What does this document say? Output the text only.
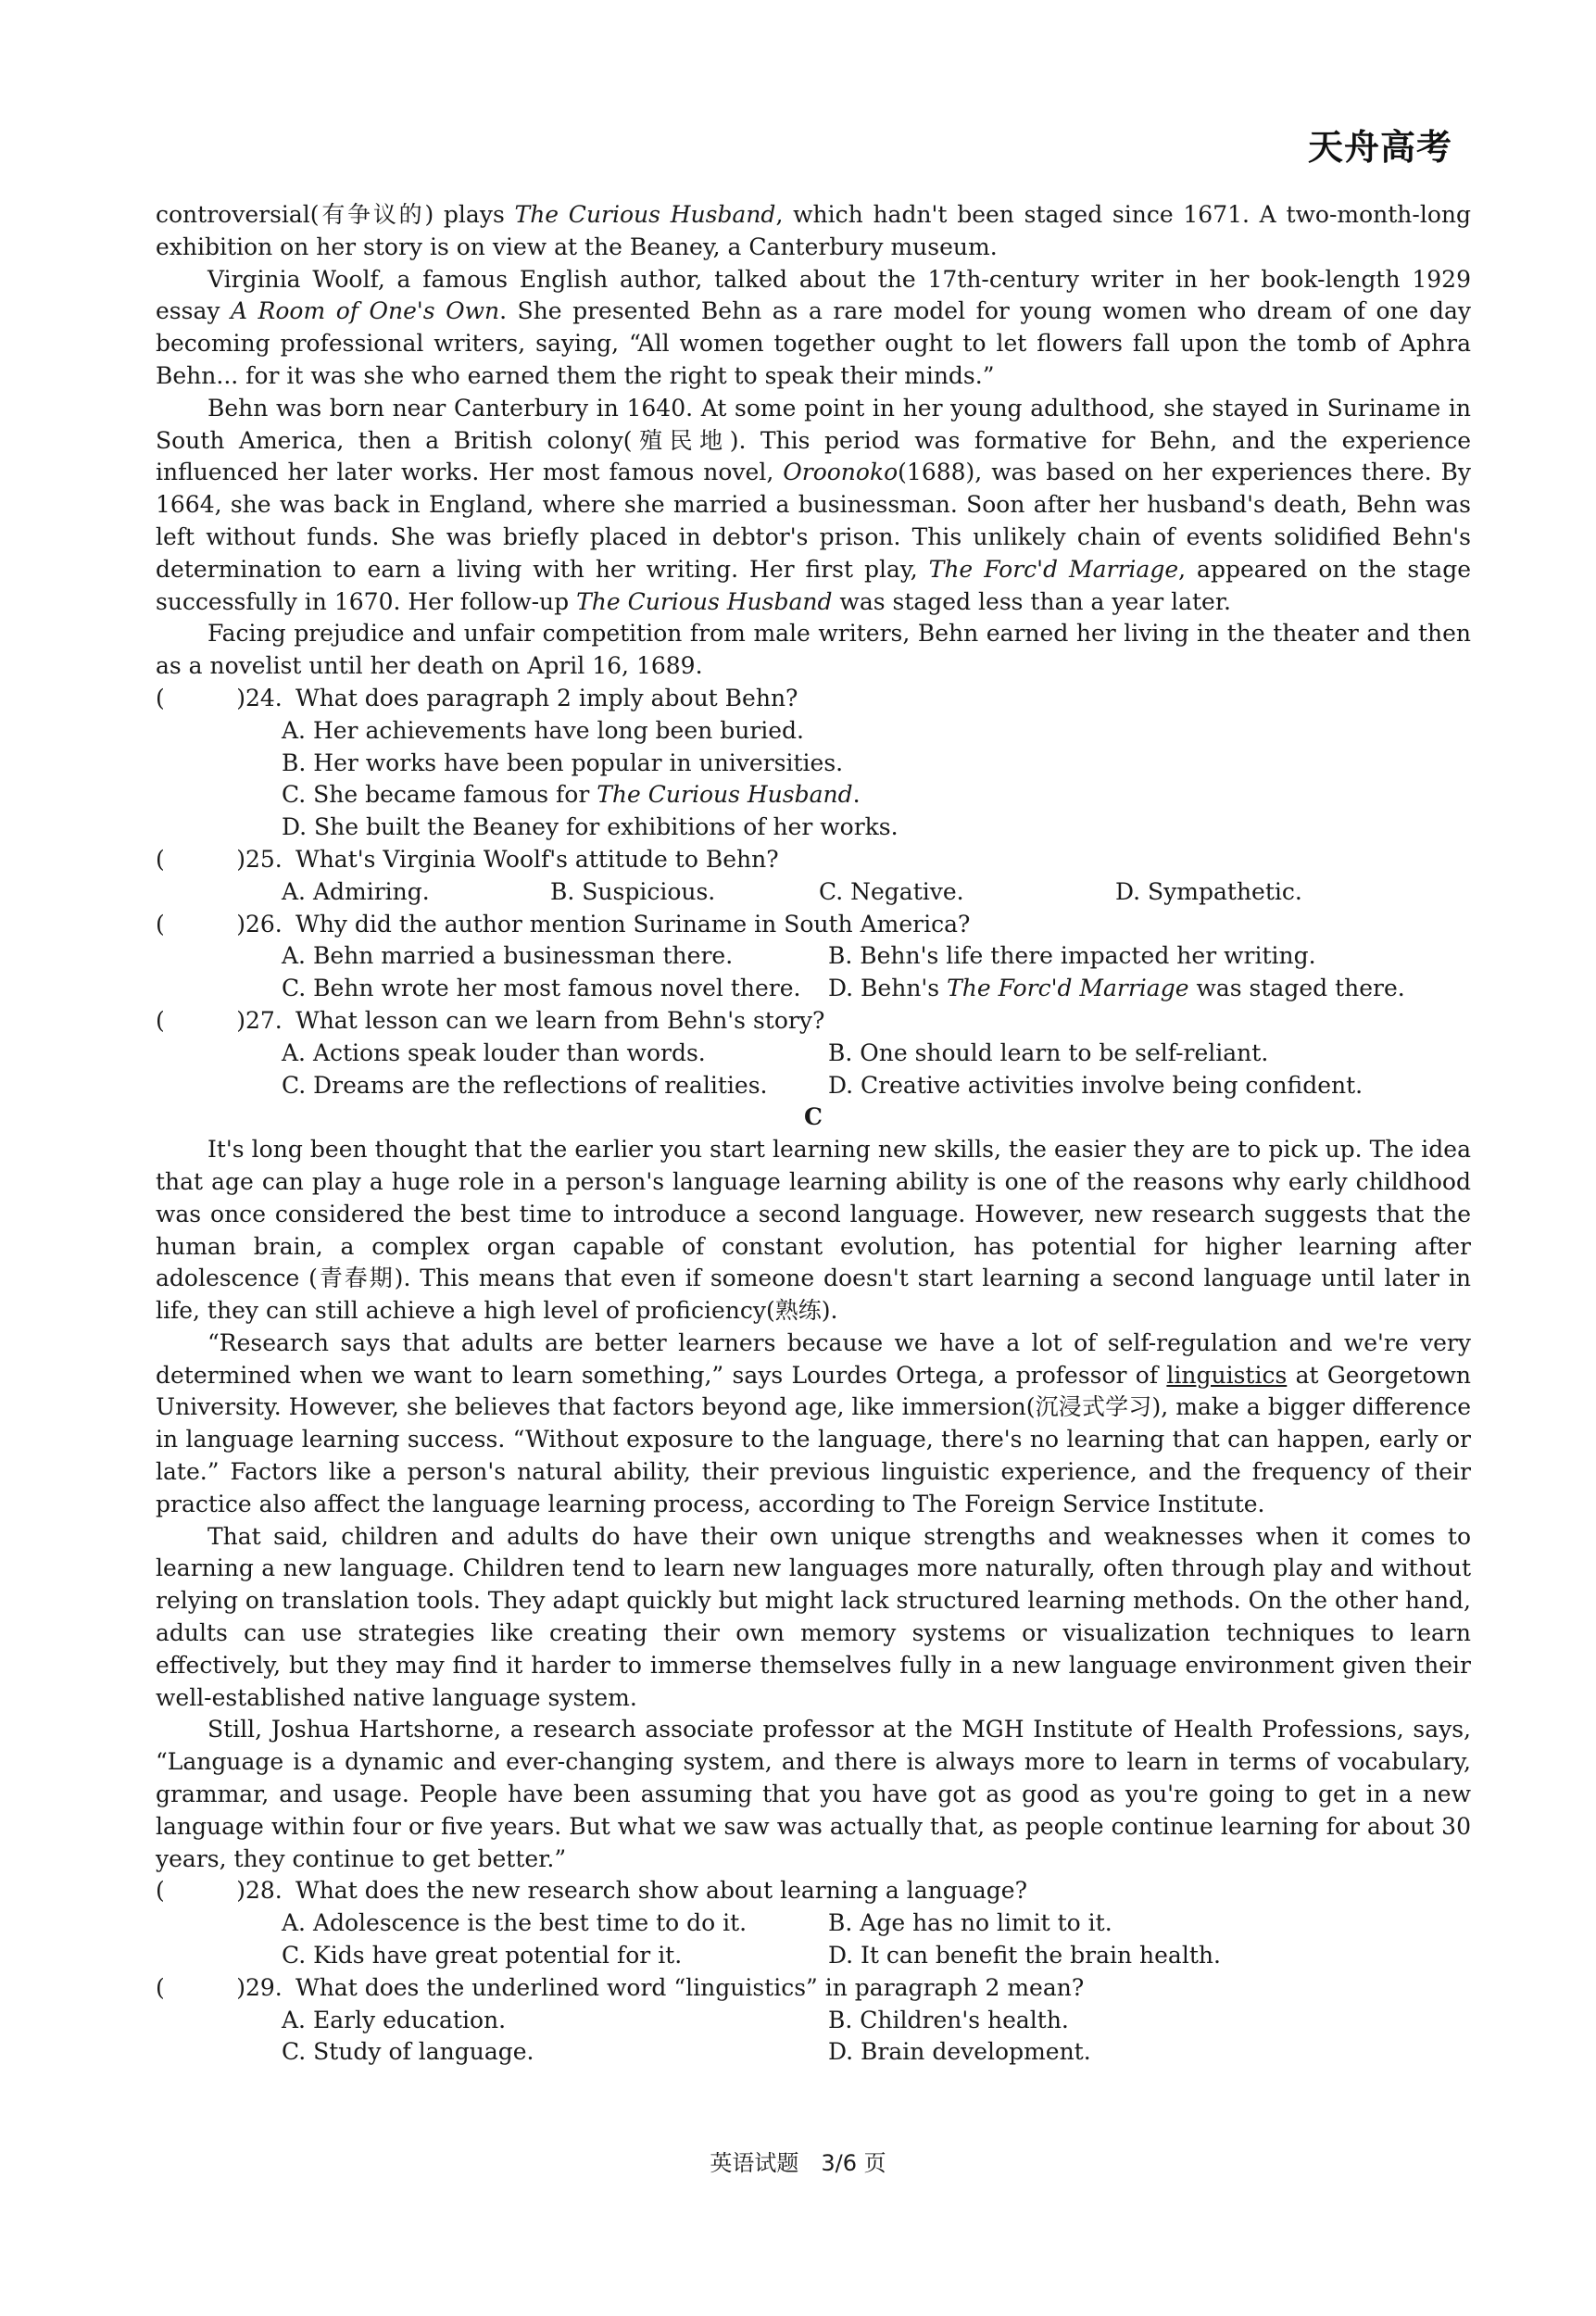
天舟高考

controversial(有争议的) plays The Curious Husband, which hadn't been staged since 1671. A two-month-long exhibition on her story is on view at the Beaney, a Canterbury museum.

Virginia Woolf, a famous English author, talked about the 17th-century writer in her book-length 1929 essay A Room of One's Own. She presented Behn as a rare model for young women who dream of one day becoming professional writers, saying, “All women together ought to let flowers fall upon the tomb of Aphra Behn... for it was she who earned them the right to speak their minds.”

Behn was born near Canterbury in 1640. At some point in her young adulthood, she stayed in Suriname in South America, then a British colony(殖民地). This period was formative for Behn, and the experience influenced her later works. Her most famous novel, Oroonoko(1688), was based on her experiences there. By 1664, she was back in England, where she married a businessman. Soon after her husband's death, Behn was left without funds. She was briefly placed in debtor's prison. This unlikely chain of events solidified Behn's determination to earn a living with her writing. Her first play, The Forc'd Marriage, appeared on the stage successfully in 1670. Her follow-up The Curious Husband was staged less than a year later.

Facing prejudice and unfair competition from male writers, Behn earned her living in the theater and then as a novelist until her death on April 16, 1689.

(	) 24. What does paragraph 2 imply about Behn?

A. Her achievements have long been buried.

B. Her works have been popular in universities.

C. She became famous for The Curious Husband.

D. She built the Beaney for exhibitions of her works.

(	) 25. What's Virginia Woolf's attitude to Behn?
A. Admiring.	B. Suspicious.	C. Negative.	D. Sympathetic.
(	) 26. Why did the author mention Suriname in South America?
A. Behn married a businessman there.	B. Behn's life there impacted her writing.
C. Behn wrote her most famous novel there.	D. Behn's The Forc'd Marriage was staged there.
(	) 27. What lesson can we learn from Behn's story?
A. Actions speak louder than words.	B. One should learn to be self-reliant.
C. Dreams are the reflections of realities.	D. Creative activities involve being confident.

C

It's long been thought that the earlier you start learning new skills, the easier they are to pick up. The idea that age can play a huge role in a person's language learning ability is one of the reasons why early childhood was once considered the best time to introduce a second language. However, new research suggests that the human brain, a complex organ capable of constant evolution, has potential for higher learning after adolescence (青春期). This means that even if someone doesn't start learning a second language until later in life, they can still achieve a high level of proficiency(熟练).

“Research says that adults are better learners because we have a lot of self-regulation and we're very determined when we want to learn something,” says Lourdes Ortega, a professor of linguistics at Georgetown University. However, she believes that factors beyond age, like immersion(沉浸式学习), make a bigger difference in language learning success. “Without exposure to the language, there's no learning that can happen, early or late.” Factors like a person's natural ability, their previous linguistic experience, and the frequency of their practice also affect the language learning process, according to The Foreign Service Institute.

That said, children and adults do have their own unique strengths and weaknesses when it comes to learning a new language. Children tend to learn new languages more naturally, often through play and without relying on translation tools. They adapt quickly but might lack structured learning methods. On the other hand, adults can use strategies like creating their own memory systems or visualization techniques to learn effectively, but they may find it harder to immerse themselves fully in a new language environment given their well-established native language system.

Still, Joshua Hartshorne, a research associate professor at the MGH Institute of Health Professions, says, “Language is a dynamic and ever-changing system, and there is always more to learn in terms of vocabulary, grammar, and usage. People have been assuming that you have got as good as you're going to get in a new language within four or five years. But what we saw was actually that, as people continue learning for about 30 years, they continue to get better.”

(	) 28. What does the new research show about learning a language?
A. Adolescence is the best time to do it.	B. Age has no limit to it.
C. Kids have great potential for it.	D. It can benefit the brain health.
(	) 29. What does the underlined word “linguistics” in paragraph 2 mean?
A. Early education.	B. Children's health.
C. Study of language.	D. Brain development.
英语试题　3/6 页
